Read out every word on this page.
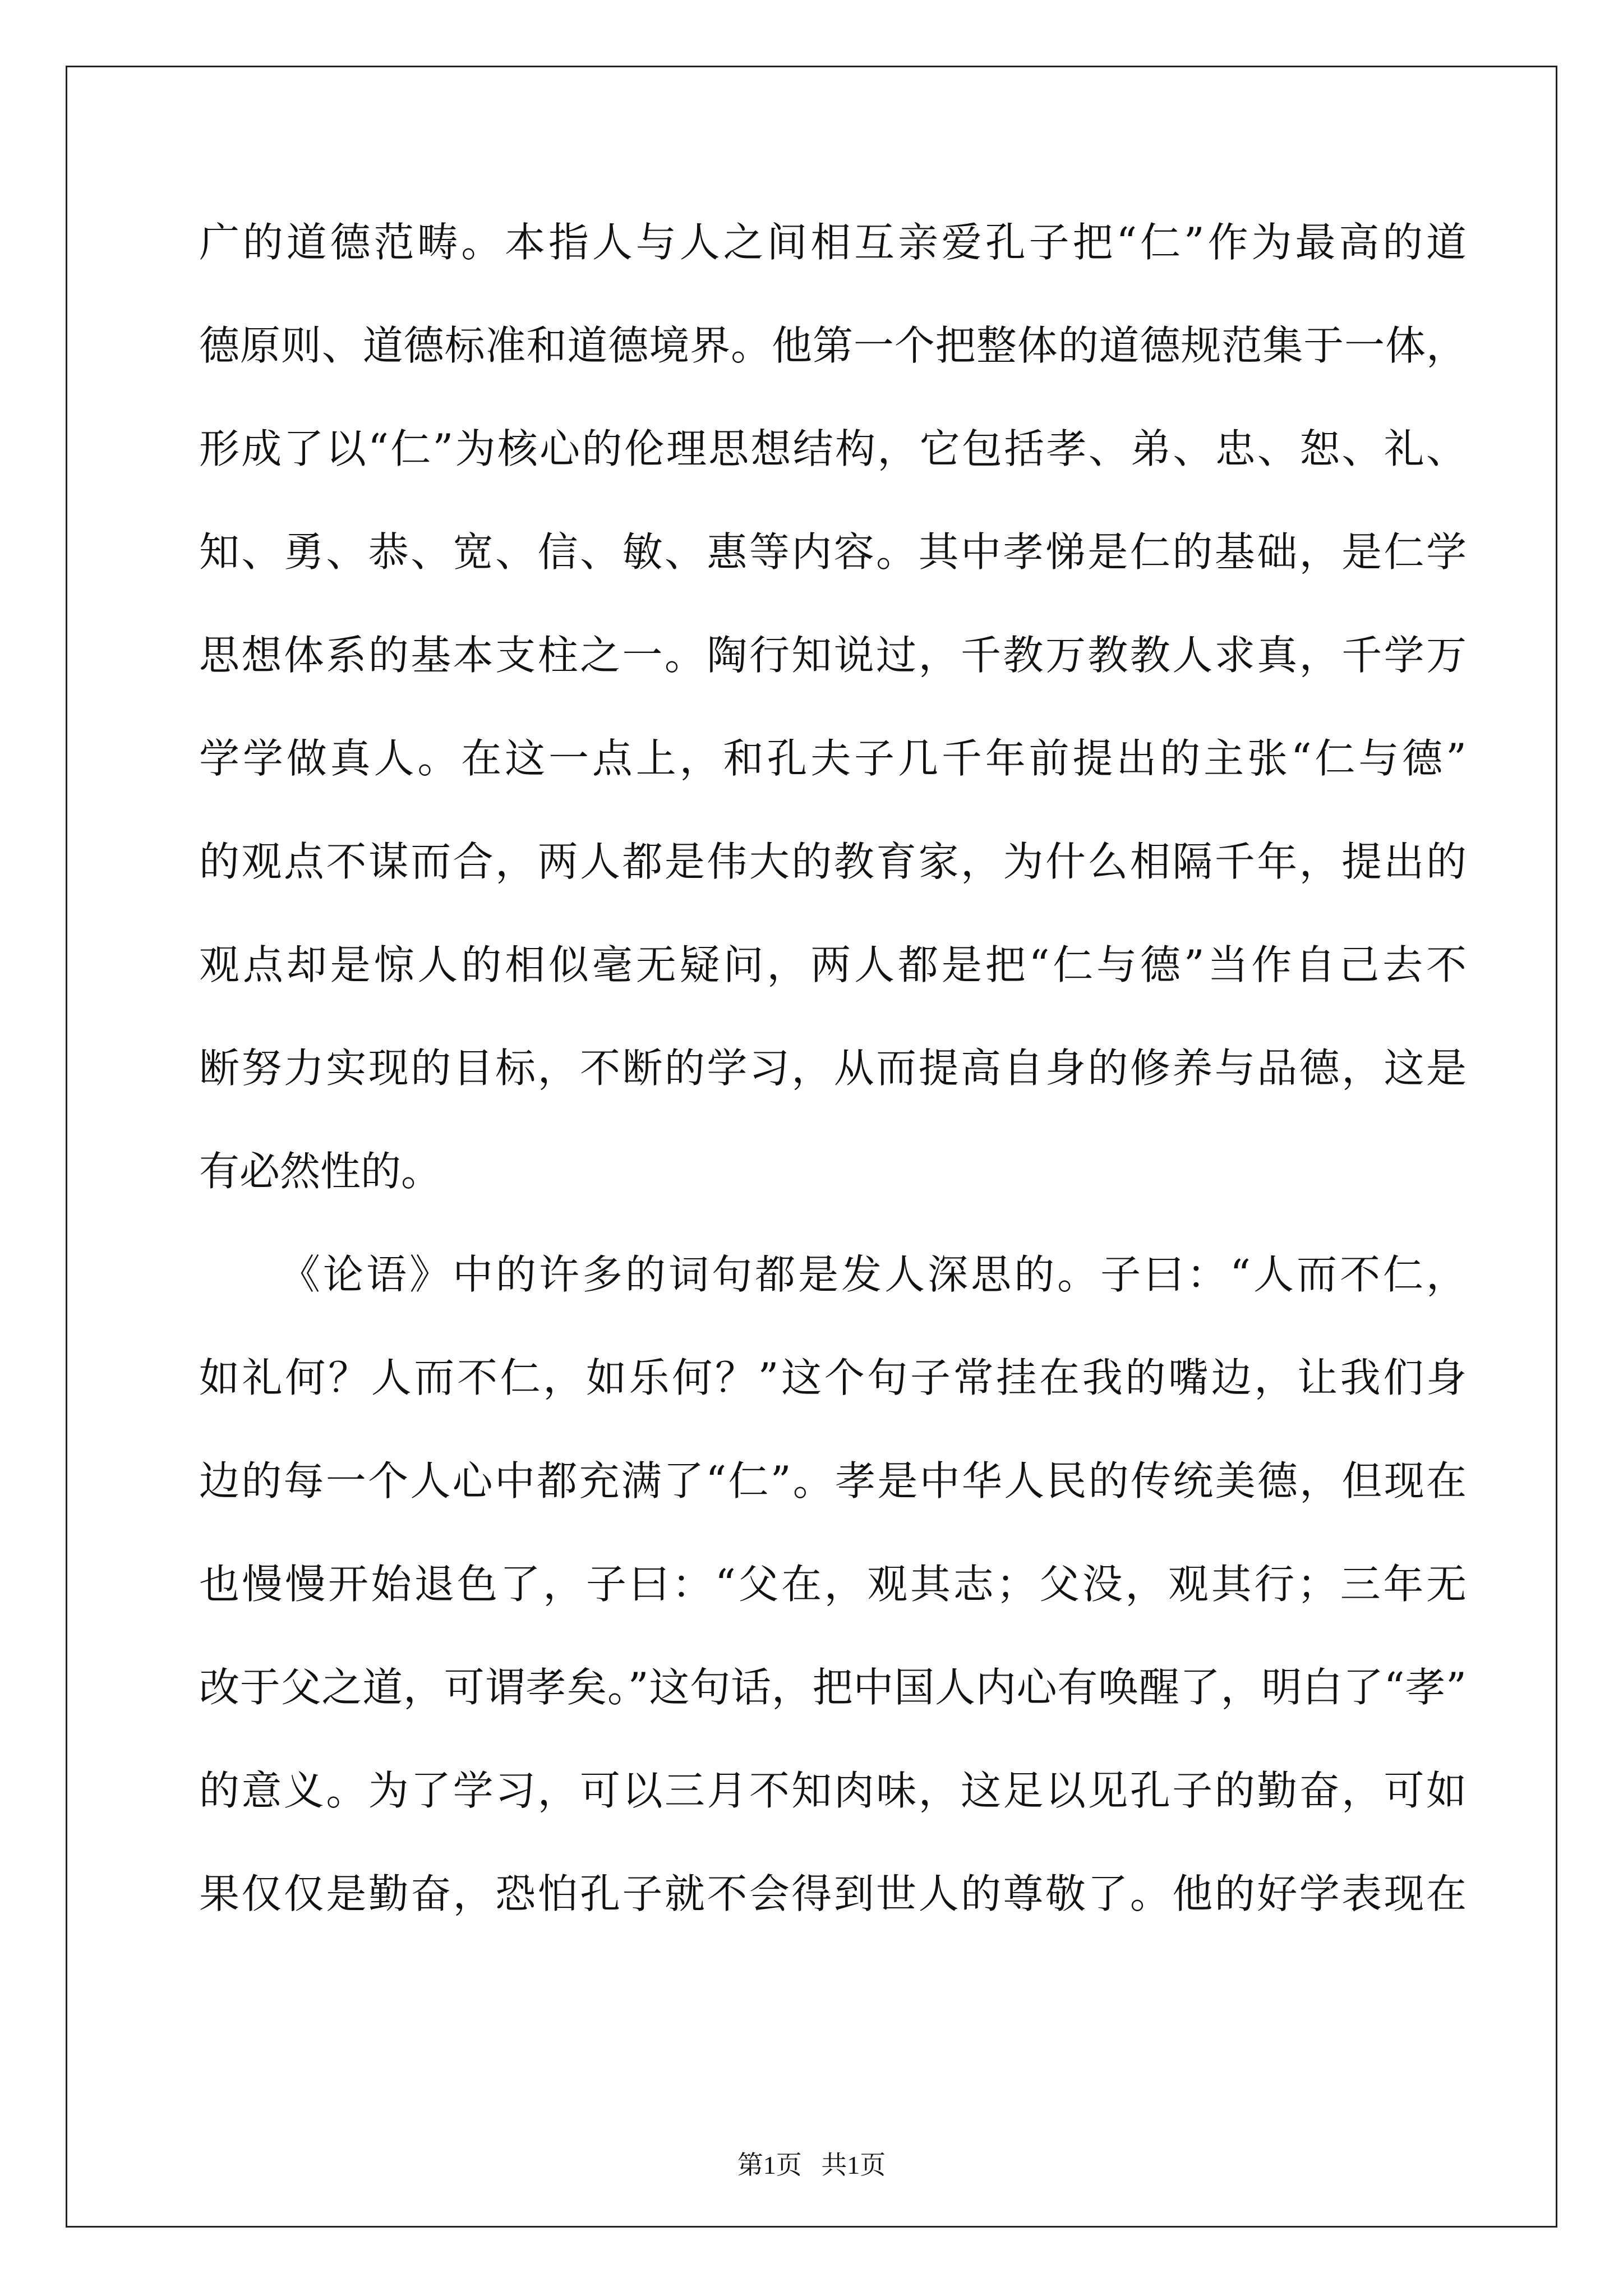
广的道德范畴。本指人与人之间相互亲爱孔子把“仁”作为最高的道
德原则、道德标准和道德境界。他第一个把整体的道德规范集于一体，
形成了以“仁”为核心的伦理思想结构，它包括孝、弟、忠、恕、礼、
知、勇、恭、宽、信、敏、惠等内容。其中孝悌是仁的基础，是仁学
思想体系的基本支柱之一。陶行知说过，千教万教教人求真，千学万
学学做真人。在这一点上，和孔夫子几千年前提出的主张“仁与德”
的观点不谋而合，两人都是伟大的教育家，为什么相隔千年，提出的
观点却是惊人的相似毫无疑问，两人都是把“仁与德”当作自己去不
断努力实现的目标，不断的学习，从而提高自身的修养与品德，这是
有必然性的。
《论语》中的许多的词句都是发人深思的。子曰：“人而不仁，
如礼何？人而不仁，如乐何？”这个句子常挂在我的嘴边，让我们身
边的每一个人心中都充满了“仁”。孝是中华人民的传统美德，但现在
也慢慢开始退色了，子曰：“父在，观其志；父没，观其行；三年无
改于父之道，可谓孝矣。”这句话，把中国人内心有唤醒了，明白了“孝”
的意义。为了学习，可以三月不知肉味，这足以见孔子的勤奋，可如
果仅仅是勤奋，恐怕孔子就不会得到世人的尊敬了。他的好学表现在
第1页   共1页
